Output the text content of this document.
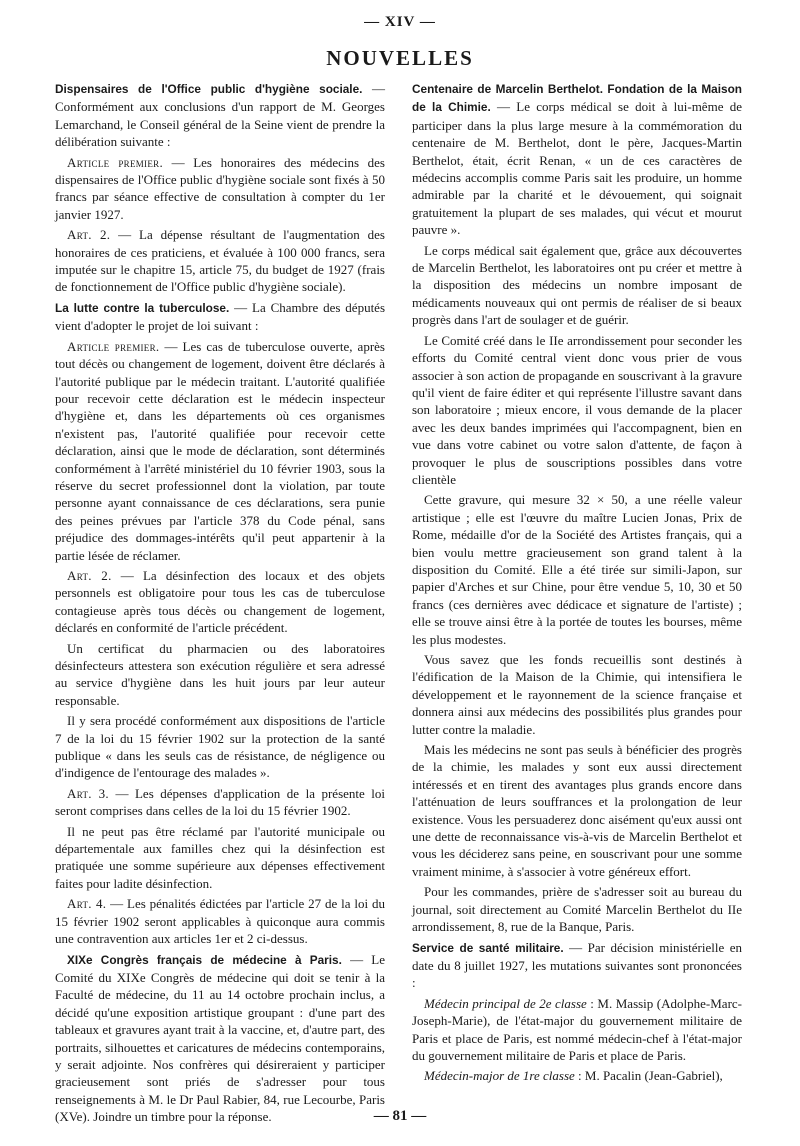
— XIV —
NOUVELLES

Dispensaires de l'Office public d'hygiène sociale. — Conformément aux conclusions d'un rapport de M. Georges Lemarchand, le Conseil général de la Seine vient de prendre la délibération suivante :

Article premier. — Les honoraires des médecins des dispensaires de l'Office public d'hygiène sociale sont fixés à 50 francs par séance effective de consultation à compter du 1er janvier 1927.

Art. 2. — La dépense résultant de l'augmentation des honoraires de ces praticiens, et évaluée à 100 000 francs, sera imputée sur le chapitre 15, article 75, du budget de 1927 (frais de fonctionnement de l'Office public d'hygiène sociale).

La lutte contre la tuberculose. — La Chambre des députés vient d'adopter le projet de loi suivant :

Article premier. — Les cas de tuberculose ouverte, après tout décès ou changement de logement, doivent être déclarés à l'autorité publique par le médecin traitant. L'autorité qualifiée pour recevoir cette déclaration est le médecin inspecteur d'hygiène et, dans les départements où ces organismes n'existent pas, l'autorité qualifiée pour recevoir cette déclaration, ainsi que le mode de déclaration, sont déterminés conformément à l'arrêté ministériel du 10 février 1903, sous la réserve du secret professionnel dont la violation, par toute personne ayant connaissance de ces déclarations, sera punie des peines prévues par l'article 378 du Code pénal, sans préjudice des dommages-intérêts qu'il peut appartenir à la partie lésée de réclamer.

Art. 2. — La désinfection des locaux et des objets personnels est obligatoire pour tous les cas de tuberculose contagieuse après tous décès ou changement de logement, déclarés en conformité de l'article précédent.

Un certificat du pharmacien ou des laboratoires désinfecteurs attestera son exécution régulière et sera adressé au service d'hygiène dans les huit jours par leur auteur responsable.

Il y sera procédé conformément aux dispositions de l'article 7 de la loi du 15 février 1902 sur la protection de la santé publique « dans les seuls cas de résistance, de négligence ou d'indigence de l'entourage des malades ».

Art. 3. — Les dépenses d'application de la présente loi seront comprises dans celles de la loi du 15 février 1902.

Il ne peut pas être réclamé par l'autorité municipale ou départementale aux familles chez qui la désinfection est pratiquée une somme supérieure aux dépenses effectivement faites pour ladite désinfection.

Art. 4. — Les pénalités édictées par l'article 27 de la loi du 15 février 1902 seront applicables à quiconque aura commis une contravention aux articles 1er et 2 ci-dessus.

XIXe Congrès français de médecine à Paris. — Le Comité du XIXe Congrès de médecine qui doit se tenir à la Faculté de médecine, du 11 au 14 octobre prochain inclus, a décidé qu'une exposition artistique groupant : d'une part des tableaux et gravures ayant trait à la vaccine, et, d'autre part, des portraits, silhouettes et caricatures de médecins contemporains, y serait adjointe. Nos confrères qui désireraient y participer gracieusement sont priés de s'adresser pour tous renseignements à M. le Dr Paul Rabier, 84, rue Lecourbe, Paris (XVe). Joindre un timbre pour la réponse.

Centenaire de Marcelin Berthelot. Fondation de la Maison de la Chimie. — Le corps médical se doit à lui-même de participer dans la plus large mesure à la commémoration du centenaire de M. Berthelot, dont le père, Jacques-Martin Berthelot, était, écrit Renan, « un de ces caractères de médecins accomplis comme Paris sait les produire, un homme admirable par la charité et le dévouement, qui soignait gratuitement la plupart de ses malades, qui vécut et mourut pauvre ».

Le corps médical sait également que, grâce aux découvertes de Marcelin Berthelot, les laboratoires ont pu créer et mettre à la disposition des médecins un nombre imposant de médicaments nouveaux qui ont permis de réaliser de si beaux progrès dans l'art de soulager et de guérir.

Le Comité créé dans le IIe arrondissement pour seconder les efforts du Comité central vient donc vous prier de vous associer à son action de propagande en souscrivant à la gravure qu'il vient de faire éditer et qui représente l'illustre savant dans son laboratoire ; mieux encore, il vous demande de la placer avec les deux bandes imprimées qui l'accompagnent, bien en vue dans votre cabinet ou votre salon d'attente, de façon à provoquer le plus de souscriptions possibles dans votre clientèle

Cette gravure, qui mesure 32 × 50, a une réelle valeur artistique ; elle est l'œuvre du maître Lucien Jonas, Prix de Rome, médaille d'or de la Société des Artistes français, qui a bien voulu mettre gracieusement son grand talent à la disposition du Comité. Elle a été tirée sur simili-Japon, sur papier d'Arches et sur Chine, pour être vendue 5, 10, 30 et 50 francs (ces dernières avec dédicace et signature de l'artiste) ; elle se trouve ainsi être à la portée de toutes les bourses, même les plus modestes.

Vous savez que les fonds recueillis sont destinés à l'édification de la Maison de la Chimie, qui intensifiera le développement et le rayonnement de la science française et donnera ainsi aux médecins des possibilités plus grandes pour lutter contre la maladie.

Mais les médecins ne sont pas seuls à bénéficier des progrès de la chimie, les malades y sont eux aussi directement intéressés et en tirent des avantages plus grands encore dans l'atténuation de leurs souffrances et la prolongation de leur existence. Vous les persuaderez donc aisément qu'eux aussi ont une dette de reconnaissance vis-à-vis de Marcelin Berthelot et vous les déciderez sans peine, en souscrivant pour une somme vraiment minime, à s'associer à votre généreux effort.

Pour les commandes, prière de s'adresser soit au bureau du journal, soit directement au Comité Marcelin Berthelot du IIe arrondissement, 8, rue de la Banque, Paris.

Service de santé militaire. — Par décision ministérielle en date du 8 juillet 1927, les mutations suivantes sont prononcées :

Médecin principal de 2e classe : M. Massip (Adolphe-Marc-Joseph-Marie), de l'état-major du gouvernement militaire de Paris et place de Paris, est nommé médecin-chef à l'état-major du gouvernement militaire de Paris et place de Paris.

Médecin-major de 1re classe : M. Pacalin (Jean-Gabriel),

— 81 —
